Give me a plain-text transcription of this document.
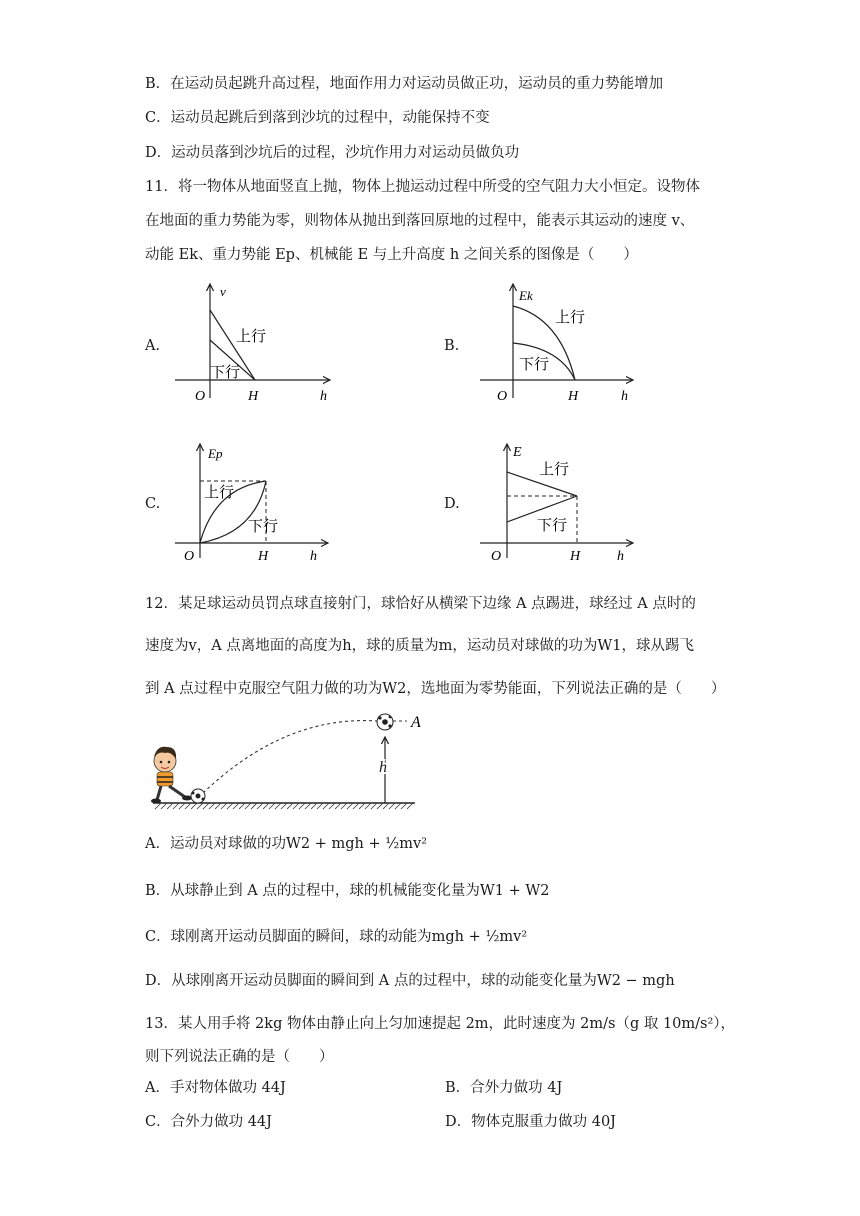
B．在运动员起跳升高过程，地面作用力对运动员做正功，运动员的重力势能增加
C．运动员起跳后到落到沙坑的过程中，动能保持不变
D．运动员落到沙坑后的过程，沙坑作用力对运动员做负功
11．将一物体从地面竖直上抛，物体上抛运动过程中所受的空气阻力大小恒定。设物体
在地面的重力势能为零，则物体从抛出到落回原地的过程中，能表示其运动的速度 v、
动能 Ek、重力势能 Ep、机械能 E 与上升高度 h 之间关系的图像是（　　）
A.	B.
C.	D.
v
上行
下行
O	H	h
Ek
上行
下行
O	H	h
Ep
上行
下行
O	H	h
E
上行
下行
O	H	h
12．某足球运动员罚点球直接射门，球恰好从横梁下边缘 A 点踢进，球经过 A 点时的
速度为v，A 点离地面的高度为h，球的质量为m，运动员对球做的功为W1，球从踢飞
到 A 点过程中克服空气阻力做的功为W2，选地面为零势能面，下列说法正确的是（　　）
A
h
A．运动员对球做的功W2 + mgh + ½mv²
B．从球静止到 A 点的过程中，球的机械能变化量为W1 + W2
C．球刚离开运动员脚面的瞬间，球的动能为mgh + ½mv²
D．从球刚离开运动员脚面的瞬间到 A 点的过程中，球的动能变化量为W2 − mgh
13．某人用手将 2kg 物体由静止向上匀加速提起 2m，此时速度为 2m/s（g 取 10m/s²），
则下列说法正确的是（　　）
A．手对物体做功 44J	B．合外力做功 4J
C．合外力做功 44J	D．物体克服重力做功 40J
